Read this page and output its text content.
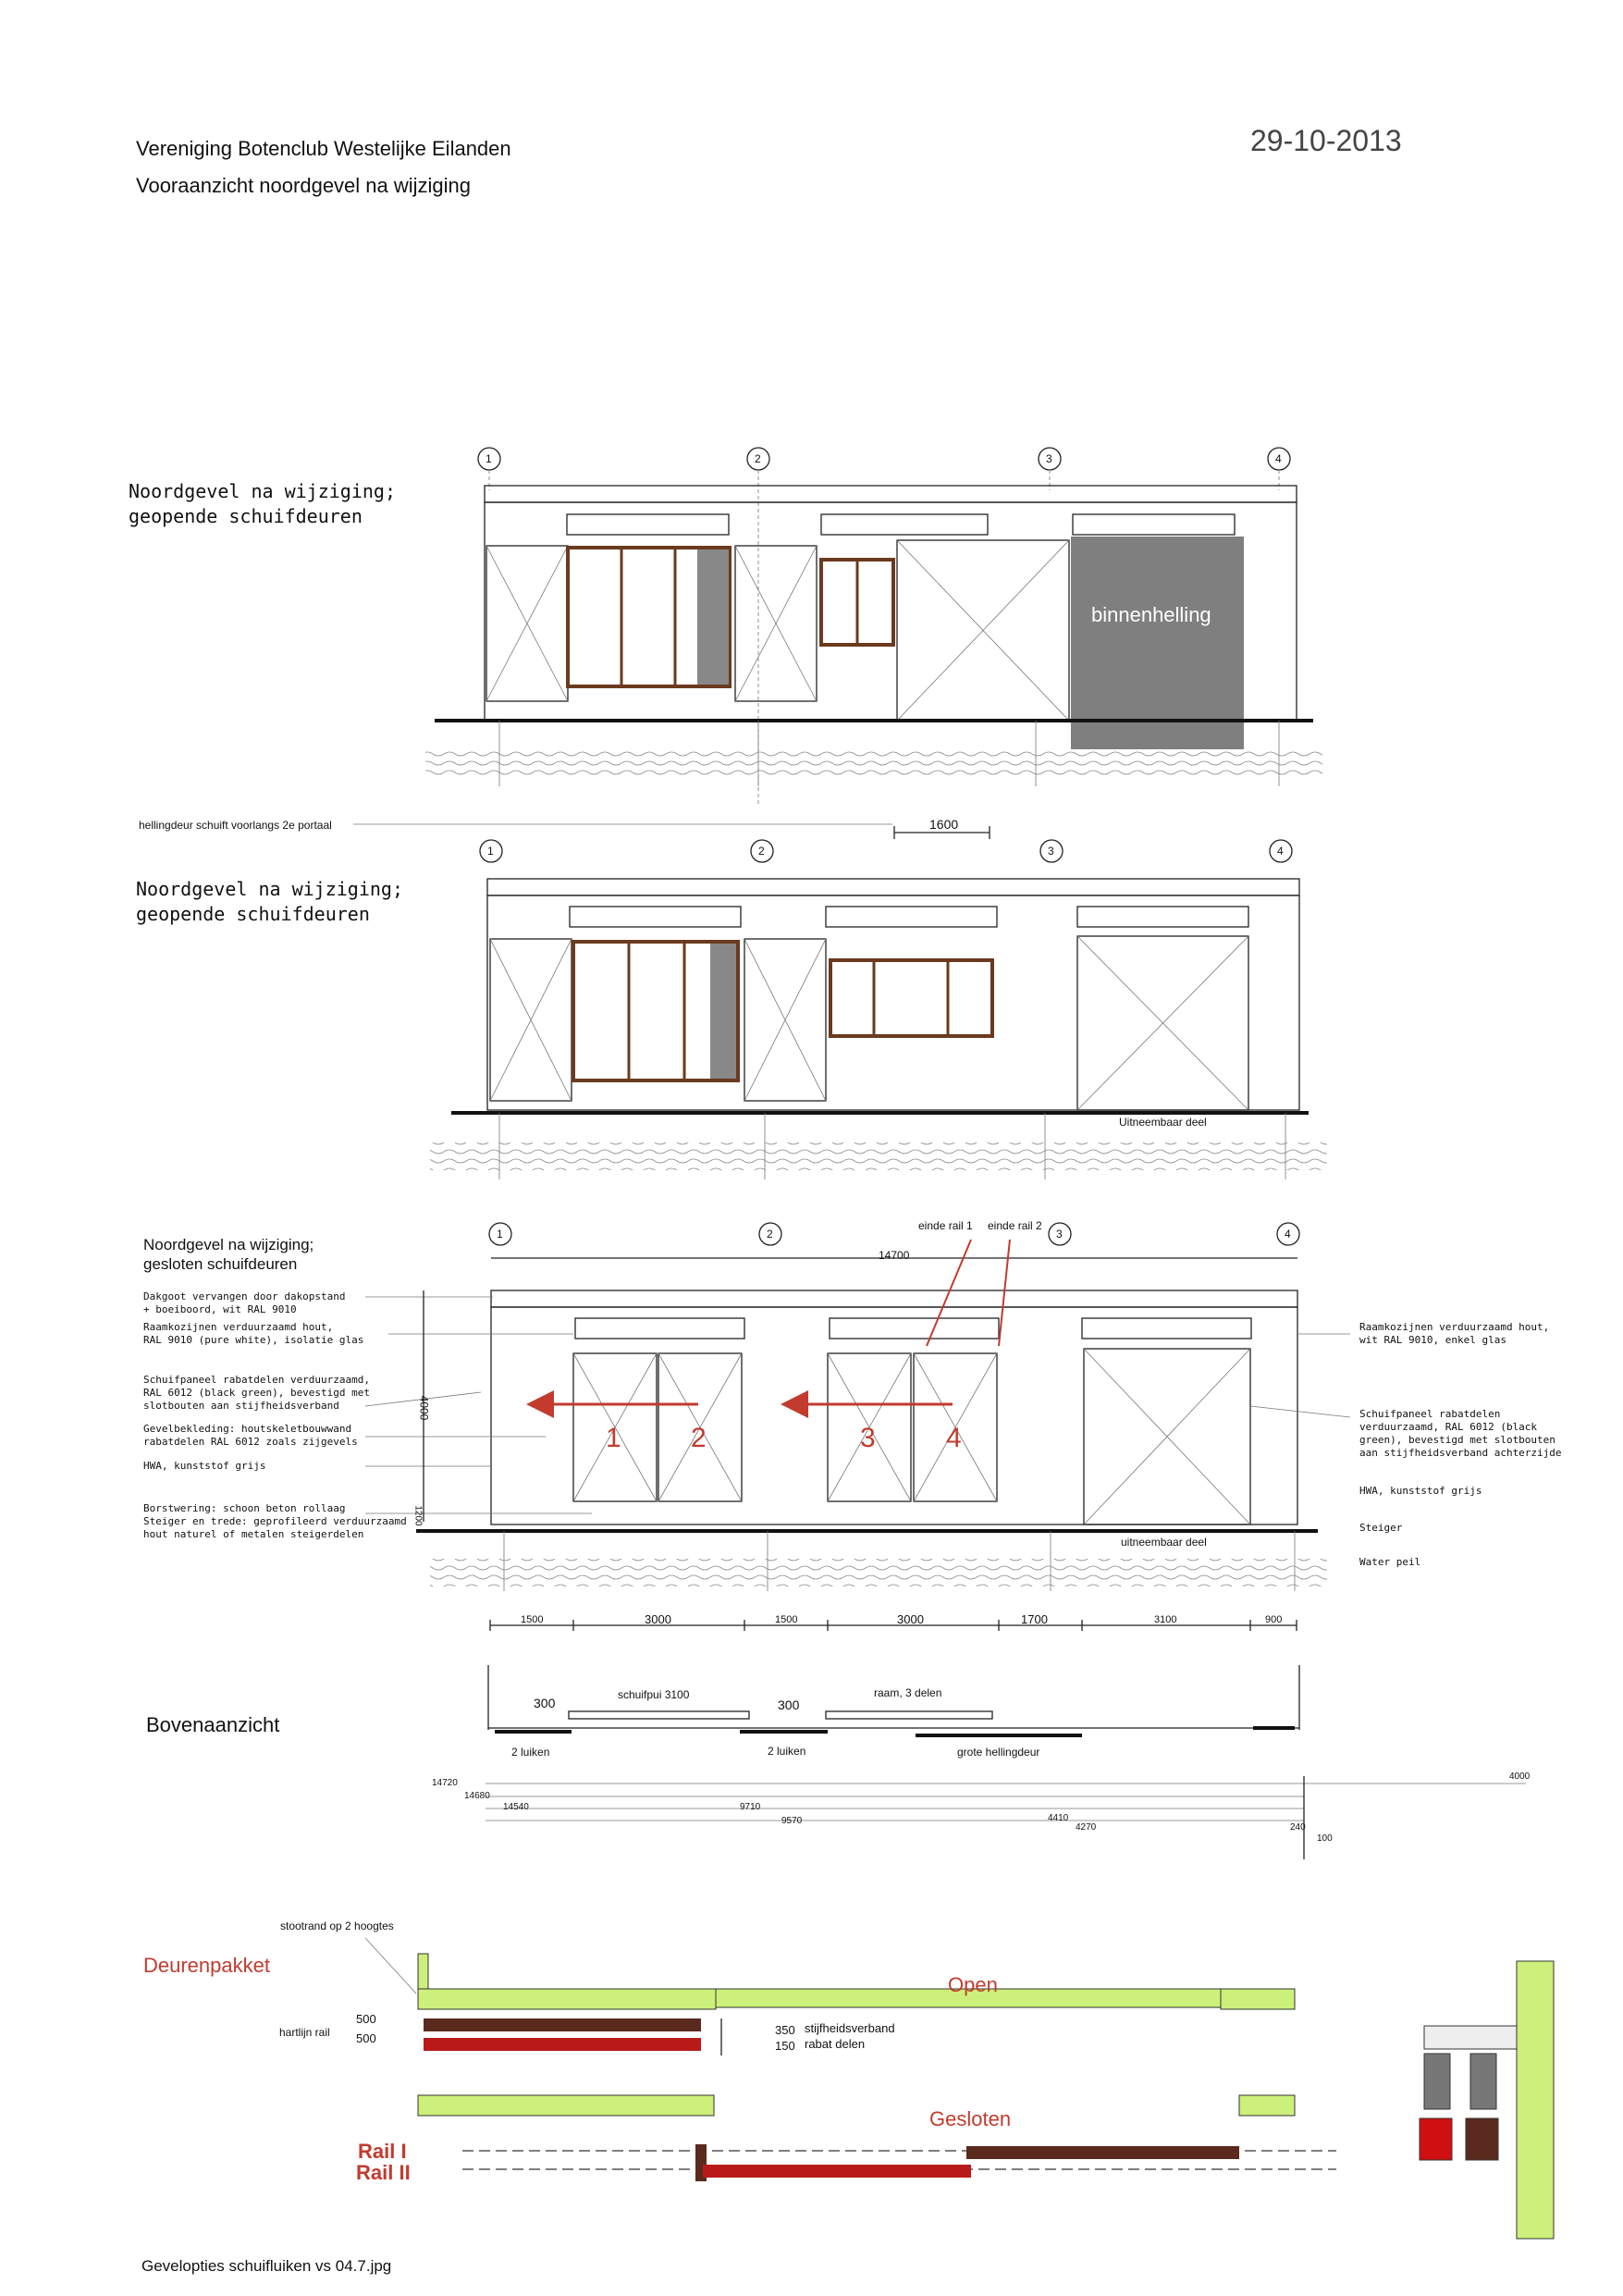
Vereniging Botenclub Westelijke Eilanden
Vooraanzicht noordgevel na wijziging
29-10-2013
Noordgevel na wijziging;
geopende schuifdeuren
binnenhelling
hellingdeur schuift voorlangs 2e portaal	1600
1	2	3	4
Noordgevel na wijziging;
geopende schuifdeuren
Uitneembaar deel
1	2	3	4
Noordgevel na wijziging;
gesloten schuifdeuren
1	2	3	4
einde rail 1 einde rail 2
14700
4000
1200
Dakgoot vervangen door dakopstand
+ boeiboord, wit RAL 9010
Raamkozijnen verduurzaamd hout,
RAL 9010 (pure white), isolatie glas
Schuifpaneel rabatdelen verduurzaamd,
RAL 6012 (black green), bevestigd met
slotbouten aan stijfheidsverband
Gevelbekleding: houtskeletbouwwand
rabatdelen RAL 6012 zoals zijgevels
HWA, kunststof grijs
Borstwering: schoon beton rollaag
Steiger en trede: geprofileerd verduurzaamd
hout naturel of metalen steigerdelen
Raamkozijnen verduurzaamd hout,
wit RAL 9010, enkel glas
Schuifpaneel rabatdelen
verduurzaamd, RAL 6012 (black
green), bevestigd met slotbouten
aan stijfheidsverband achterzijde
HWA, kunststof grijs
Steiger
Water peil
1	2	3	4
uitneembaar deel
1500	3000	1500	3000	1700	3100	900
Bovenaanzicht
300
schuifpui 3100
300
raam, 3 delen
2 luiken	2 luiken	grote hellingdeur
14720
14680
14540	9710
9570	4410
4270	240
100
4000
stootrand op 2 hoogtes
Deurenpakket
Open
hartlijn rail
500
500
350 stijfheidsverband
150 rabat delen
Gesloten
Rail I
Rail II
Gevelopties schuifluiken vs 04.7.jpg
